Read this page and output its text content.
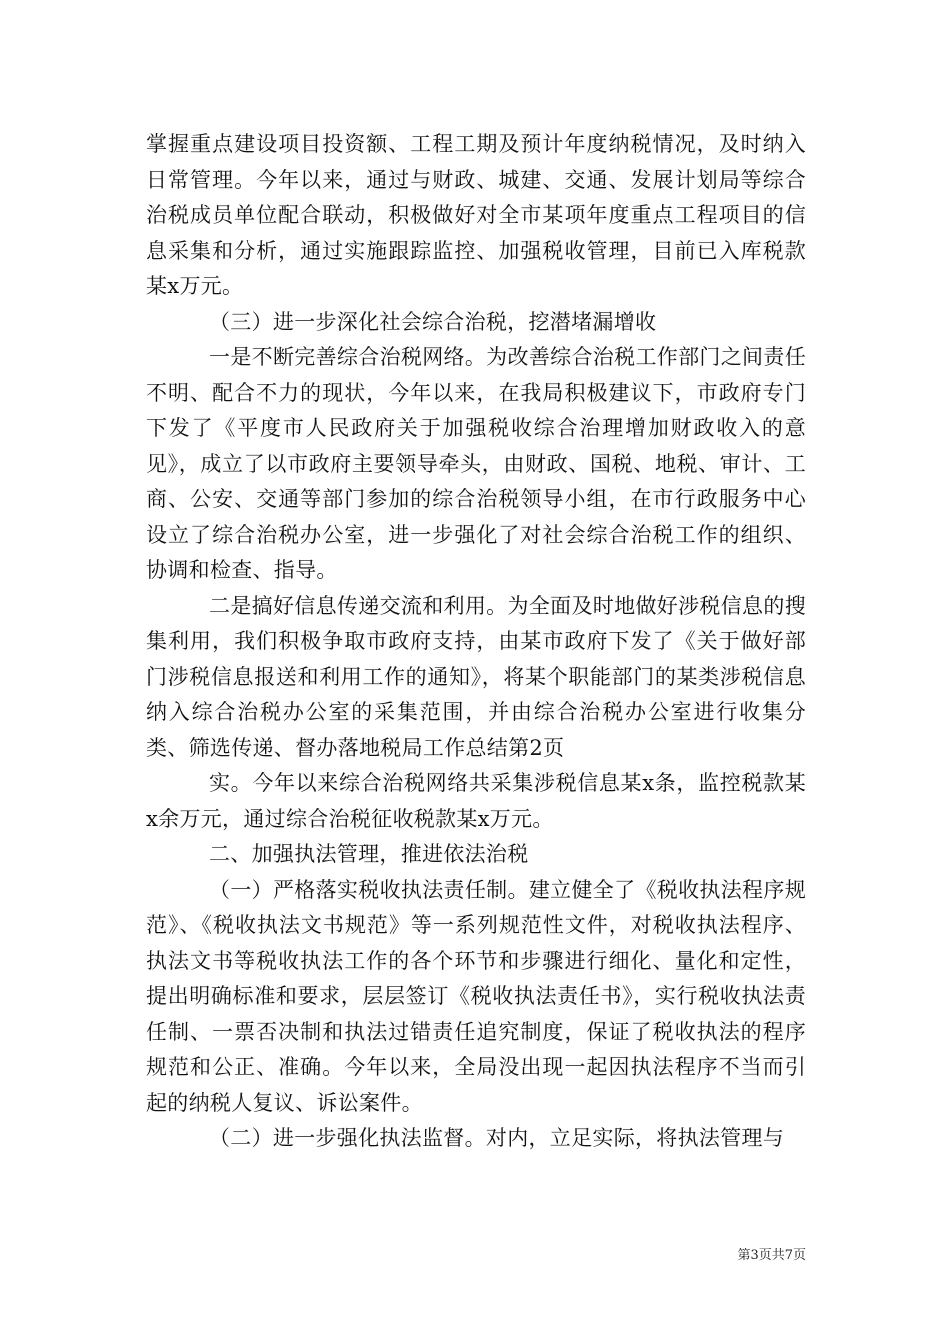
掌握重点建设项目投资额、工程工期及预计年度纳税情况，及时纳入日常管理。今年以来，通过与财政、城建、交通、发展计划局等综合治税成员单位配合联动，积极做好对全市某项年度重点工程项目的信息采集和分析，通过实施跟踪监控、加强税收管理，目前已入库税款某x万元。

（三）进一步深化社会综合治税，挖潜堵漏增收

一是不断完善综合治税网络。为改善综合治税工作部门之间责任不明、配合不力的现状，今年以来，在我局积极建议下，市政府专门下发了《平度市人民政府关于加强税收综合治理增加财政收入的意见》，成立了以市政府主要领导牵头，由财政、国税、地税、审计、工商、公安、交通等部门参加的综合治税领导小组，在市行政服务中心设立了综合治税办公室，进一步强化了对社会综合治税工作的组织、协调和检查、指导。

二是搞好信息传递交流和利用。为全面及时地做好涉税信息的搜集利用，我们积极争取市政府支持，由某市政府下发了《关于做好部门涉税信息报送和利用工作的通知》，将某个职能部门的某类涉税信息纳入综合治税办公室的采集范围，并由综合治税办公室进行收集分类、筛选传递、督办落地税局工作总结第2页

实。今年以来综合治税网络共采集涉税信息某x条，监控税款某x余万元，通过综合治税征收税款某x万元。

二、加强执法管理，推进依法治税

（一）严格落实税收执法责任制。建立健全了《税收执法程序规范》、《税收执法文书规范》等一系列规范性文件，对税收执法程序、执法文书等税收执法工作的各个环节和步骤进行细化、量化和定性，提出明确标准和要求，层层签订《税收执法责任书》，实行税收执法责任制、一票否决制和执法过错责任追究制度，保证了税收执法的程序规范和公正、准确。今年以来，全局没出现一起因执法程序不当而引起的纳税人复议、诉讼案件。

（二）进一步强化执法监督。对内，立足实际，将执法管理与

第3页共7页
